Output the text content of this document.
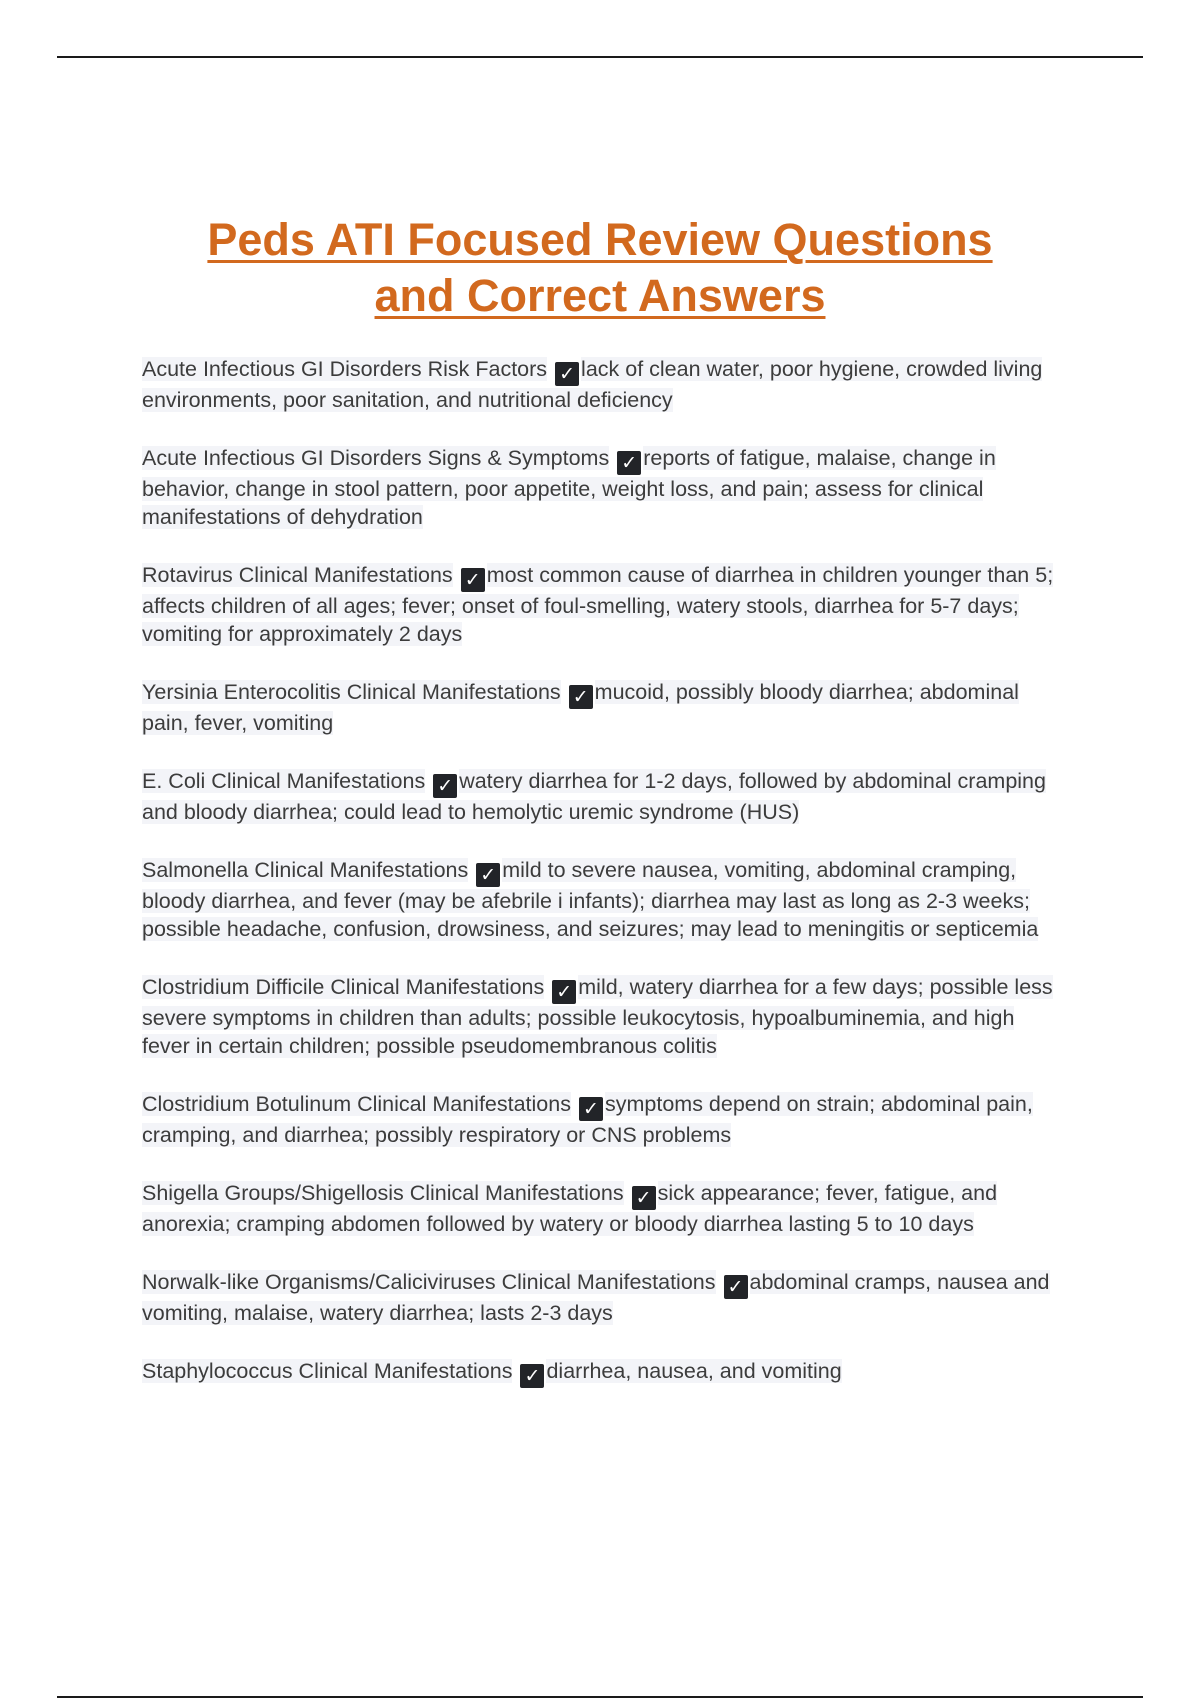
Peds ATI Focused Review Questions
and Correct Answers

Acute Infectious GI Disorders Risk Factors ✓ lack of clean water, poor hygiene, crowded living environments, poor sanitation, and nutritional deficiency

Acute Infectious GI Disorders Signs & Symptoms ✓ reports of fatigue, malaise, change in behavior, change in stool pattern, poor appetite, weight loss, and pain; assess for clinical manifestations of dehydration

Rotavirus Clinical Manifestations ✓ most common cause of diarrhea in children younger than 5; affects children of all ages; fever; onset of foul-smelling, watery stools, diarrhea for 5-7 days; vomiting for approximately 2 days

Yersinia Enterocolitis Clinical Manifestations ✓ mucoid, possibly bloody diarrhea; abdominal pain, fever, vomiting

E. Coli Clinical Manifestations ✓ watery diarrhea for 1-2 days, followed by abdominal cramping and bloody diarrhea; could lead to hemolytic uremic syndrome (HUS)

Salmonella Clinical Manifestations ✓ mild to severe nausea, vomiting, abdominal cramping, bloody diarrhea, and fever (may be afebrile i infants); diarrhea may last as long as 2-3 weeks; possible headache, confusion, drowsiness, and seizures; may lead to meningitis or septicemia

Clostridium Difficile Clinical Manifestations ✓ mild, watery diarrhea for a few days; possible less severe symptoms in children than adults; possible leukocytosis, hypoalbuminemia, and high fever in certain children; possible pseudomembranous colitis

Clostridium Botulinum Clinical Manifestations ✓ symptoms depend on strain; abdominal pain, cramping, and diarrhea; possibly respiratory or CNS problems

Shigella Groups/Shigellosis Clinical Manifestations ✓ sick appearance; fever, fatigue, and anorexia; cramping abdomen followed by watery or bloody diarrhea lasting 5 to 10 days

Norwalk-like Organisms/Caliciviruses Clinical Manifestations ✓ abdominal cramps, nausea and vomiting, malaise, watery diarrhea; lasts 2-3 days

Staphylococcus Clinical Manifestations ✓ diarrhea, nausea, and vomiting
